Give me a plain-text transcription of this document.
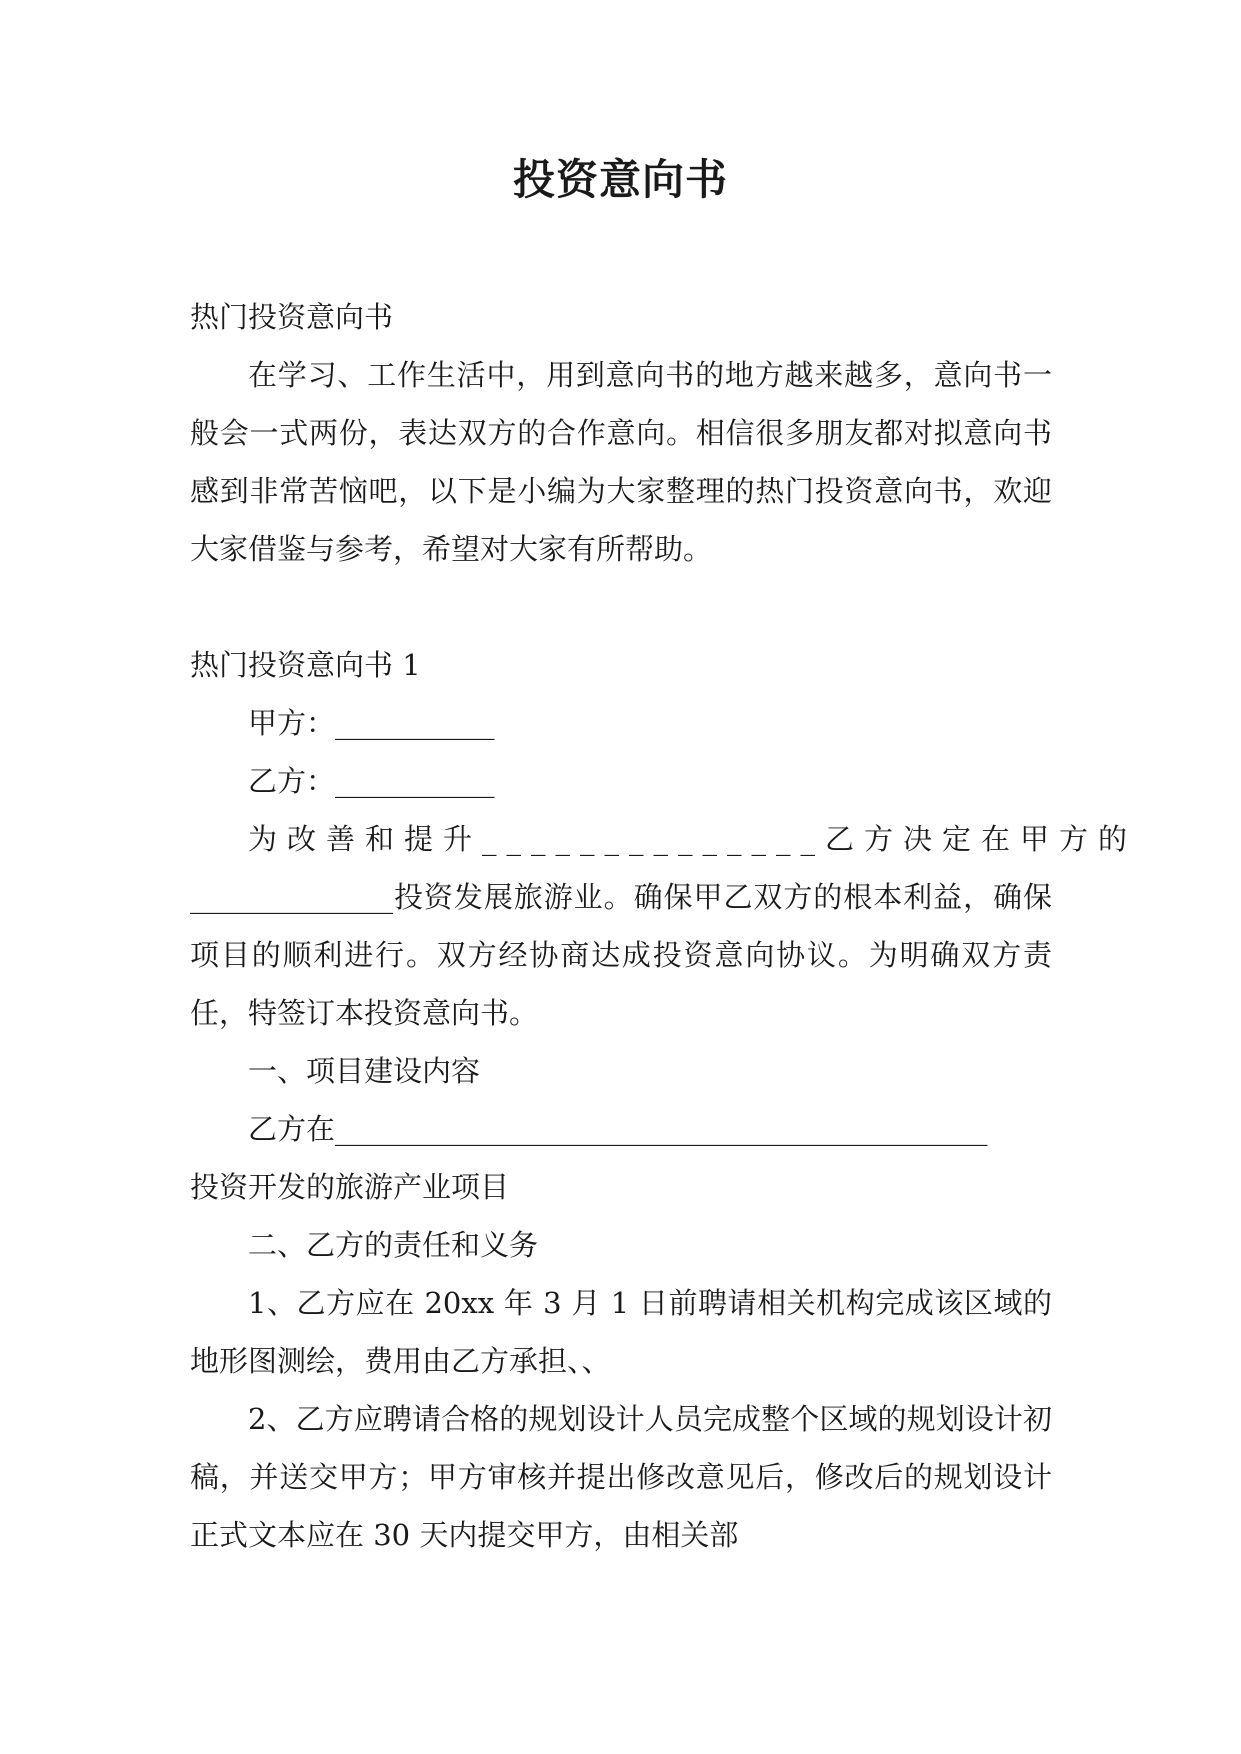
投资意向书

热门投资意向书

在学习、工作生活中，用到意向书的地方越来越多，意向书一般会一式两份，表达双方的合作意向。相信很多朋友都对拟意向书感到非常苦恼吧，以下是小编为大家整理的热门投资意向书，欢迎大家借鉴与参考，希望对大家有所帮助。

热门投资意向书 1

甲方：___________

乙方：___________

为改善和提升______________乙方决定在甲方的

______________投资发展旅游业。确保甲乙双方的根本利益，确保项目的顺利进行。双方经协商达成投资意向协议。为明确双方责任，特签订本投资意向书。

一、项目建设内容

乙方在_____________________________________________

投资开发的旅游产业项目

二、乙方的责任和义务

1、乙方应在 20xx 年 3 月 1 日前聘请相关机构完成该区域的地形图测绘，费用由乙方承担、、

2、乙方应聘请合格的规划设计人员完成整个区域的规划设计初稿，并送交甲方；甲方审核并提出修改意见后，修改后的规划设计正式文本应在 30 天内提交甲方，由相关部
